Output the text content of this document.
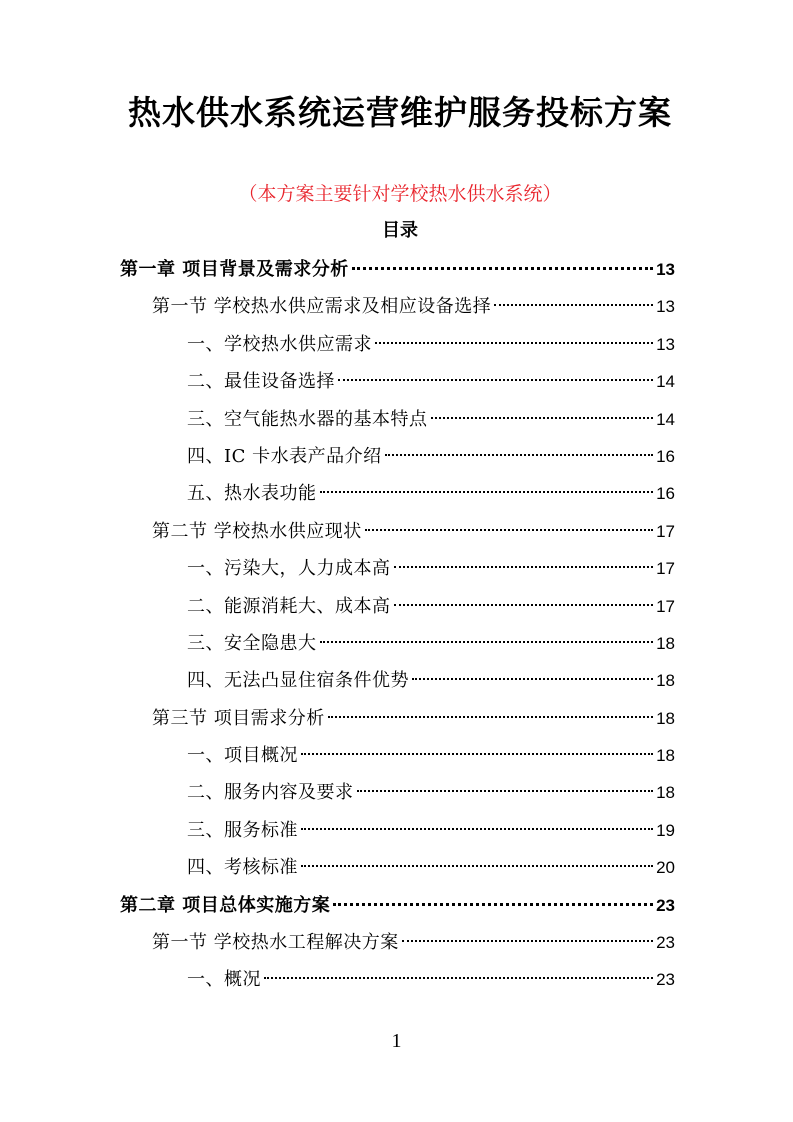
热水供水系统运营维护服务投标方案
（本方案主要针对学校热水供水系统）
目录
第一章 项目背景及需求分析	13
第一节 学校热水供应需求及相应设备选择	13
一、学校热水供应需求	13
二、最佳设备选择	14
三、空气能热水器的基本特点	14
四、IC 卡水表产品介绍	16
五、热水表功能	16
第二节 学校热水供应现状	17
一、污染大，人力成本高	17
二、能源消耗大、成本高	17
三、安全隐患大	18
四、无法凸显住宿条件优势	18
第三节 项目需求分析	18
一、项目概况	18
二、服务内容及要求	18
三、服务标准	19
四、考核标准	20
第二章 项目总体实施方案	23
第一节 学校热水工程解决方案	23
一、概况	23
1
